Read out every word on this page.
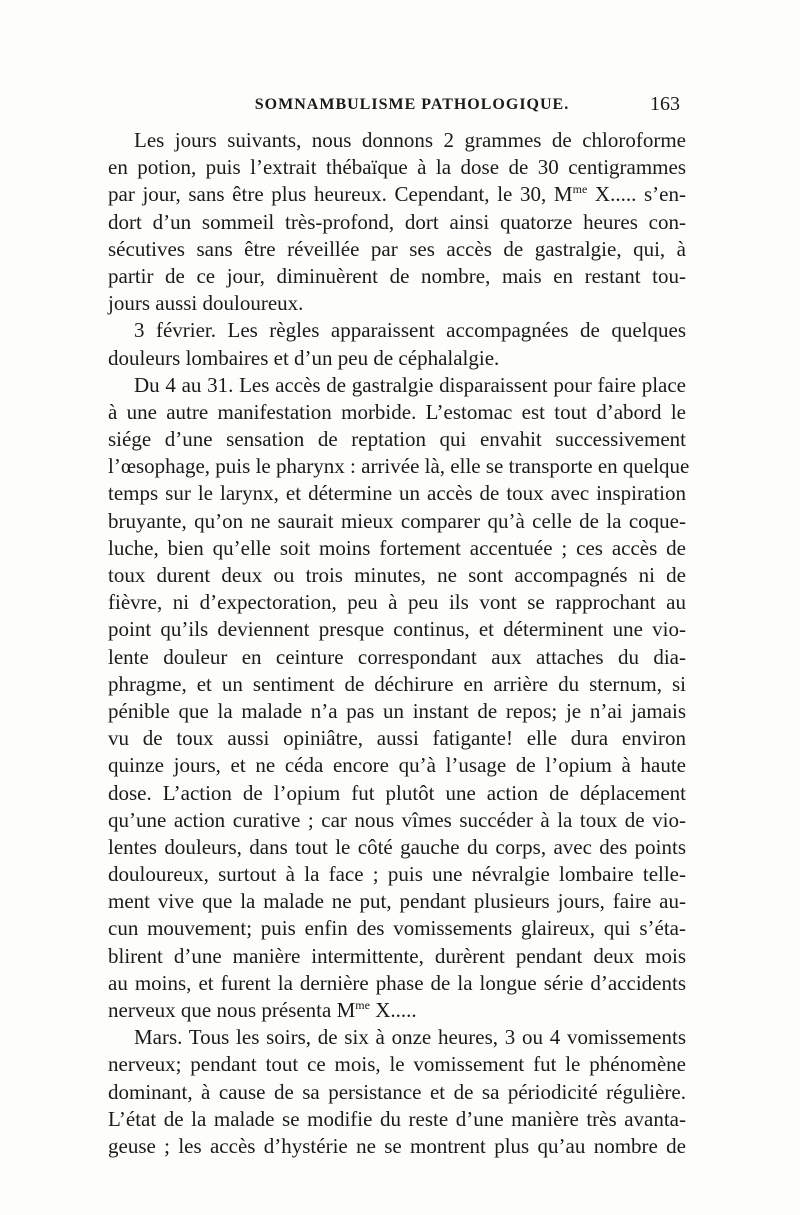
SOMNAMBULISME PATHOLOGIQUE.	163
Les jours suivants, nous donnons 2 grammes de chloroforme
en potion, puis l’extrait thébaïque à la dose de 30 centigrammes
par jour, sans être plus heureux. Cependant, le 30, $M^{me}$ X..... s’en-
dort d’un sommeil très-profond, dort ainsi quatorze heures con-
sécutives sans être réveillée par ses accès de gastralgie, qui, à
partir de ce jour, diminuèrent de nombre, mais en restant tou-
jours aussi douloureux.
3 février. Les règles apparaissent accompagnées de quelques
douleurs lombaires et d’un peu de céphalalgie.
Du 4 au 31. Les accès de gastralgie disparaissent pour faire place
à une autre manifestation morbide. L’estomac est tout d’abord le
siége d’une sensation de reptation qui envahit successivement
l’œsophage, puis le pharynx : arrivée là, elle se transporte en quelque
temps sur le larynx, et détermine un accès de toux avec inspiration
bruyante, qu’on ne saurait mieux comparer qu’à celle de la coque-
luche, bien qu’elle soit moins fortement accentuée ; ces accès de
toux durent deux ou trois minutes, ne sont accompagnés ni de
fièvre, ni d’expectoration, peu à peu ils vont se rapprochant au
point qu’ils deviennent presque continus, et déterminent une vio-
lente douleur en ceinture correspondant aux attaches du dia-
phragme, et un sentiment de déchirure en arrière du sternum, si
pénible que la malade n’a pas un instant de repos; je n’ai jamais
vu de toux aussi opiniâtre, aussi fatigante! elle dura environ
quinze jours, et ne céda encore qu’à l’usage de l’opium à haute
dose. L’action de l’opium fut plutôt une action de déplacement
qu’une action curative ; car nous vîmes succéder à la toux de vio-
lentes douleurs, dans tout le côté gauche du corps, avec des points
douloureux, surtout à la face ; puis une névralgie lombaire telle-
ment vive que la malade ne put, pendant plusieurs jours, faire au-
cun mouvement; puis enfin des vomissements glaireux, qui s’éta-
blirent d’une manière intermittente, durèrent pendant deux mois
au moins, et furent la dernière phase de la longue série d’accidents
nerveux que nous présenta $M^{me}$ X.....
Mars. Tous les soirs, de six à onze heures, 3 ou 4 vomissements
nerveux; pendant tout ce mois, le vomissement fut le phénomène
dominant, à cause de sa persistance et de sa périodicité régulière.
L’état de la malade se modifie du reste d’une manière très avanta-
geuse ; les accès d’hystérie ne se montrent plus qu’au nombre de
